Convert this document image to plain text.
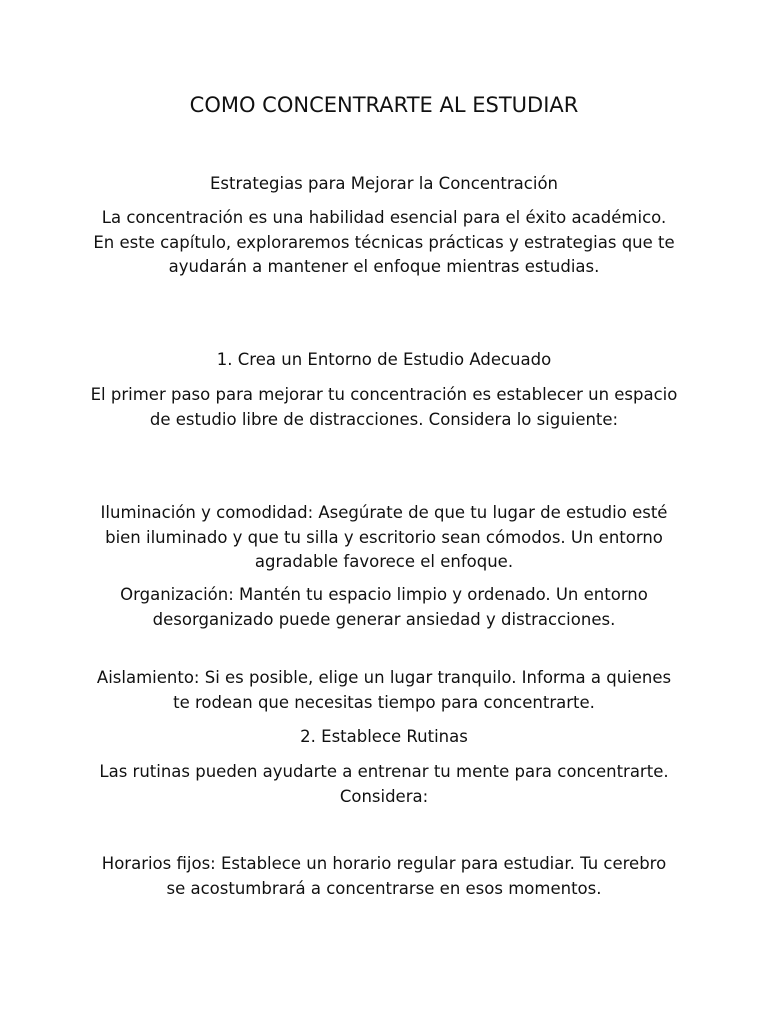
COMO CONCENTRARTE AL ESTUDIAR

Estrategias para Mejorar la Concentración

La concentración es una habilidad esencial para el éxito académico. En este capítulo, exploraremos técnicas prácticas y estrategias que te ayudarán a mantener el enfoque mientras estudias.

1. Crea un Entorno de Estudio Adecuado

El primer paso para mejorar tu concentración es establecer un espacio de estudio libre de distracciones. Considera lo siguiente:

Iluminación y comodidad: Asegúrate de que tu lugar de estudio esté bien iluminado y que tu silla y escritorio sean cómodos. Un entorno agradable favorece el enfoque.

Organización: Mantén tu espacio limpio y ordenado. Un entorno desorganizado puede generar ansiedad y distracciones.

Aislamiento: Si es posible, elige un lugar tranquilo. Informa a quienes te rodean que necesitas tiempo para concentrarte.

2. Establece Rutinas

Las rutinas pueden ayudarte a entrenar tu mente para concentrarte. Considera:

Horarios fijos: Establece un horario regular para estudiar. Tu cerebro se acostumbrará a concentrarse en esos momentos.
